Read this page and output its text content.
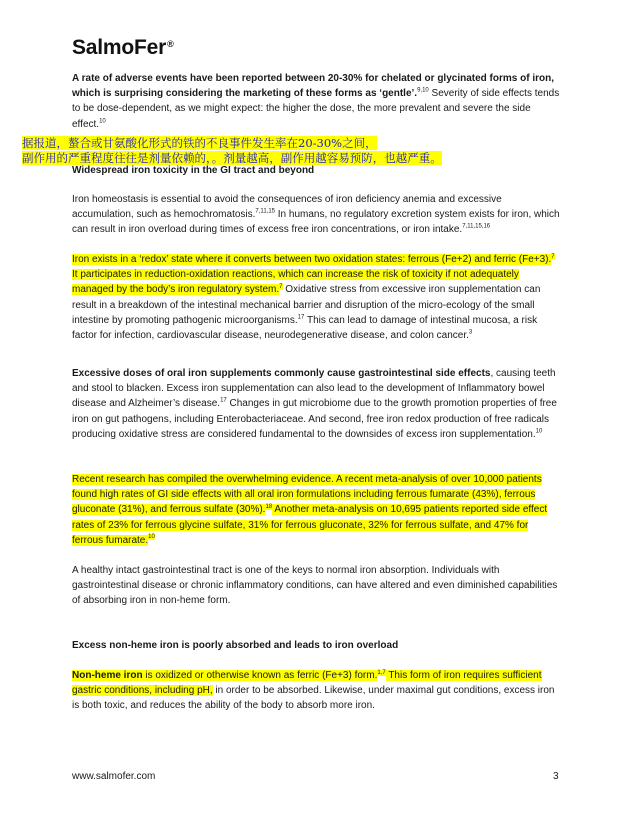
SalmoFer®

A rate of adverse events have been reported between 20-30% for chelated or glycinated forms of iron, which is surprising considering the marketing of these forms as ‘gentle’.$^{9,10}$ Severity of side effects tends to be dose-dependent, as we might expect: the higher the dose, the more prevalent and severe the side effect.$^{10}$

据报道，螯合或甘氨酸化形式的铁的不良事件发生率在20-30%之间，
副作用的严重程度往往是剂量依赖的，。剂量越高，副作用越容易预防，也越严重。

Widespread iron toxicity in the GI tract and beyond

Iron homeostasis is essential to avoid the consequences of iron deficiency anemia and excessive accumulation, such as hemochromatosis.$^{7,11,15}$ In humans, no regulatory excretion system exists for iron, which can result in iron overload during times of excess free iron concentrations, or iron intake.$^{7,11,15,16}$

Iron exists in a ‘redox’ state where it converts between two oxidation states: ferrous (Fe+2) and ferric (Fe+3).$^7$ It participates in reduction-oxidation reactions, which can increase the risk of toxicity if not adequately managed by the body’s iron regulatory system.$^7$ Oxidative stress from excessive iron supplementation can result in a breakdown of the intestinal mechanical barrier and disruption of the micro-ecology of the small intestine by promoting pathogenic microorganisms.$^{17}$ This can lead to damage of intestinal mucosa, a risk factor for infection, cardiovascular disease, neurodegenerative disease, and colon cancer.$^3$

Excessive doses of oral iron supplements commonly cause gastrointestinal side effects, causing teeth and stool to blacken. Excess iron supplementation can also lead to the development of Inflammatory bowel disease and Alzheimer’s disease.$^{17}$ Changes in gut microbiome due to the growth promotion properties of free iron on gut pathogens, including Enterobacteriaceae. And second, free iron redox production of free radicals producing oxidative stress are considered fundamental to the downsides of excess iron supplementation.$^{10}$

Recent research has compiled the overwhelming evidence. A recent meta-analysis of over 10,000 patients found high rates of GI side effects with all oral iron formulations including ferrous fumarate (43%), ferrous gluconate (31%), and ferrous sulfate (30%).$^{18}$ Another meta-analysis on 10,695 patients reported side effect rates of 23% for ferrous glycine sulfate, 31% for ferrous gluconate, 32% for ferrous sulfate, and 47% for ferrous fumarate.$^{10}$

A healthy intact gastrointestinal tract is one of the keys to normal iron absorption. Individuals with gastrointestinal disease or chronic inflammatory conditions, can have altered and even diminished capabilities of absorbing iron in non-heme form.

Excess non-heme iron is poorly absorbed and leads to iron overload

Non-heme iron is oxidized or otherwise known as ferric (Fe+3) form.$^{1,7}$ This form of iron requires sufficient gastric conditions, including pH, in order to be absorbed. Likewise, under maximal gut conditions, excess iron is both toxic, and reduces the ability of the body to absorb more iron.

www.salmofer.com	3
